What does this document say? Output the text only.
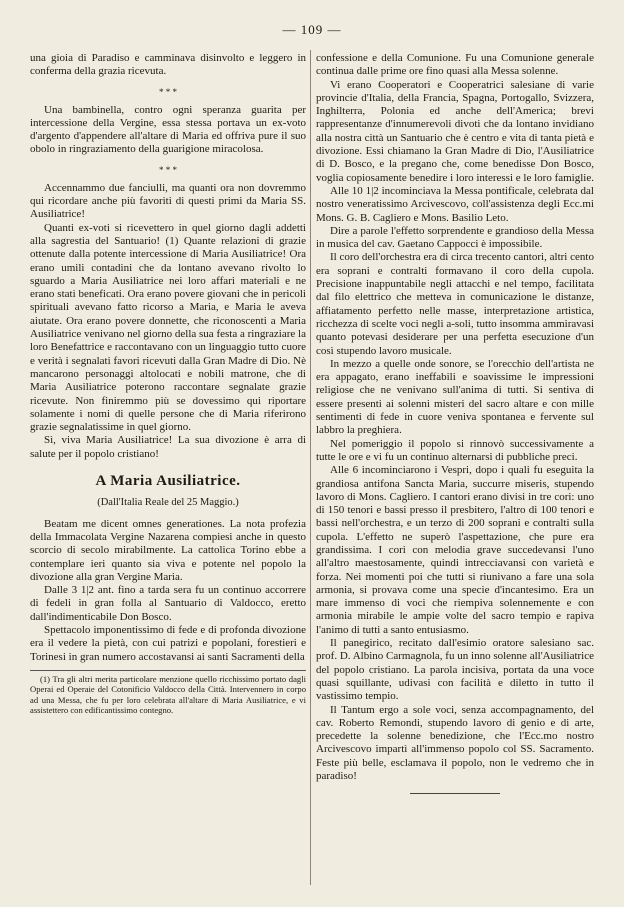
— 109 —

una gioia di Paradiso e camminava disinvolto e leggero in conferma della grazia ricevuta.

* * *

Una bambinella, contro ogni speranza guarita per intercessione della Vergine, essa stessa portava un ex-voto d'argento d'appendere all'altare di Maria ed offriva pure il suo obolo in ringraziamento della guarigione miracolosa.

* * *

Accennammo due fanciulli, ma quanti ora non dovremmo qui ricordare anche più favoriti di questi primi da Maria SS. Ausiliatrice!

Quanti ex-voti si ricevettero in quel giorno dagli addetti alla sagrestia del Santuario! (1) Quante relazioni di grazie ottenute dalla potente intercessione di Maria Ausiliatrice! Ora erano umili contadini che da lontano avevano rivolto lo sguardo a Maria Ausiliatrice nei loro affari materiali e ne erano stati beneficati. Ora erano povere giovani che in pericoli spirituali avevano fatto ricorso a Maria, e Maria le aveva aiutate. Ora erano povere donnette, che riconoscenti a Maria Ausiliatrice venivano nel giorno della sua festa a ringraziare la loro Benefattrice e raccontavano con un linguaggio tutto cuore e verità i segnalati favori ricevuti dalla Gran Madre di Dio. Nè mancarono personaggi altolocati e nobili matrone, che di Maria Ausiliatrice poterono raccontare segnalate grazie ricevute. Non finiremmo più se dovessimo qui riportare solamente i nomi di quelle persone che di Maria riferirono grazie segnalatissime in quel giorno.

Sì, viva Maria Ausiliatrice! La sua divozione è arra di salute per il popolo cristiano!

A Maria Ausiliatrice.
(Dall'Italia Reale del 25 Maggio.)

Beatam me dicent omnes generationes. La nota profezia della Immacolata Vergine Nazarena compiesi anche in questo scorcio di secolo mirabilmente. La cattolica Torino ebbe a contemplare ieri quanto sia viva e potente nel popolo la divozione alla gran Vergine Maria.

Dalle 3 1|2 ant. fino a tarda sera fu un continuo accorrere di fedeli in gran folla al Santuario di Valdocco, eretto dall'indimenticabile Don Bosco.

Spettacolo imponentissimo di fede e di profonda divozione era il vedere la pietà, con cui patrizi e popolani, forestieri e Torinesi in gran numero accostavansi ai santi Sacramenti della

(1) Tra gli altri merita particolare menzione quello ricchissimo portato dagli Operai ed Operaie del Cotonificio Valdocco della Città. Intervennero in corpo ad una Messa, che fu per loro celebrata all'altare di Maria Ausiliatrice, e vi assistettero con edificantissimo contegno.

confessione e della Comunione. Fu una Comunione generale continua dalle prime ore fino quasi alla Messa solenne.

Vi erano Cooperatori e Cooperatrici salesiane di varie provincie d'Italia, della Francia, Spagna, Portogallo, Svizzera, Inghilterra, Polonia ed anche dell'America; brevi rappresentanze d'innumerevoli divoti che da lontano invidiano alla nostra città un Santuario che è centro e vita di tanta pietà e divozione. Essi chiamano la Gran Madre di Dio, l'Ausiliatrice di D. Bosco, e la pregano che, come benedisse Don Bosco, voglia copiosamente benedire i loro interessi e le loro famiglie.

Alle 10 1|2 incominciava la Messa pontificale, celebrata dal nostro veneratissimo Arcivescovo, coll'assistenza degli Ecc.mi Mons. G. B. Cagliero e Mons. Basilio Leto.

Dire a parole l'effetto sorprendente e grandioso della Messa in musica del cav. Gaetano Cappocci è impossibile.

Il coro dell'orchestra era di circa trecento cantori, altri cento era soprani e contralti formavano il coro della cupola. Precisione inappuntabile negli attacchi e nel tempo, facilitata dal filo elettrico che metteva in comunicazione le distanze, affiatamento perfetto nelle masse, interpretazione artistica, ricchezza di scelte voci negli a-soli, tutto insomma ammiravasi quanto potevasi desiderare per una perfetta esecuzione d'un così stupendo lavoro musicale.

In mezzo a quelle onde sonore, se l'orecchio dell'artista ne era appagato, erano ineffabili e soavissime le impressioni religiose che ne venivano sull'anima di tutti. Si sentiva di essere presenti ai solenni misteri del sacro altare e con mille sentimenti di fede in cuore veniva spontanea e fervente sul labbro la preghiera.

Nel pomeriggio il popolo si rinnovò successivamente a tutte le ore e vi fu un continuo alternarsi di pubbliche preci.

Alle 6 incominciarono i Vespri, dopo i quali fu eseguita la grandiosa antifona Sancta Maria, succurre miseris, stupendo lavoro di Mons. Cagliero. I cantori erano divisi in tre cori: uno di 150 tenori e bassi presso il presbitero, l'altro di 100 tenori e bassi nell'orchestra, e un terzo di 200 soprani e contralti sulla cupola. L'effetto ne superò l'aspettazione, che pure era grandissima. I cori con melodia grave succedevansi l'uno all'altro maestosamente, quindi intrecciavansi con varietà e forza. Nei momenti poi che tutti si riunivano a fare una sola armonia, si provava come una specie d'incantesimo. Era un mare immenso di voci che riempiva solennemente e con armonia mirabile le ampie volte del sacro tempio e rapiva l'animo di tutti a santo entusiasmo.

Il panegirico, recitato dall'esimio oratore salesiano sac. prof. D. Albino Carmagnola, fu un inno solenne all'Ausiliatrice del popolo cristiano. La parola incisiva, portata da una voce quasi squillante, udivasi con facilità e diletto in tutto il vastissimo tempio.

Il Tantum ergo a sole voci, senza accompagnamento, del cav. Roberto Remondi, stupendo lavoro di genio e di arte, precedette la solenne benedizione, che l'Ecc.mo nostro Arcivescovo impartì all'immenso popolo col SS. Sacramento. Feste più belle, esclamava il popolo, non le vedremo che in paradiso!
